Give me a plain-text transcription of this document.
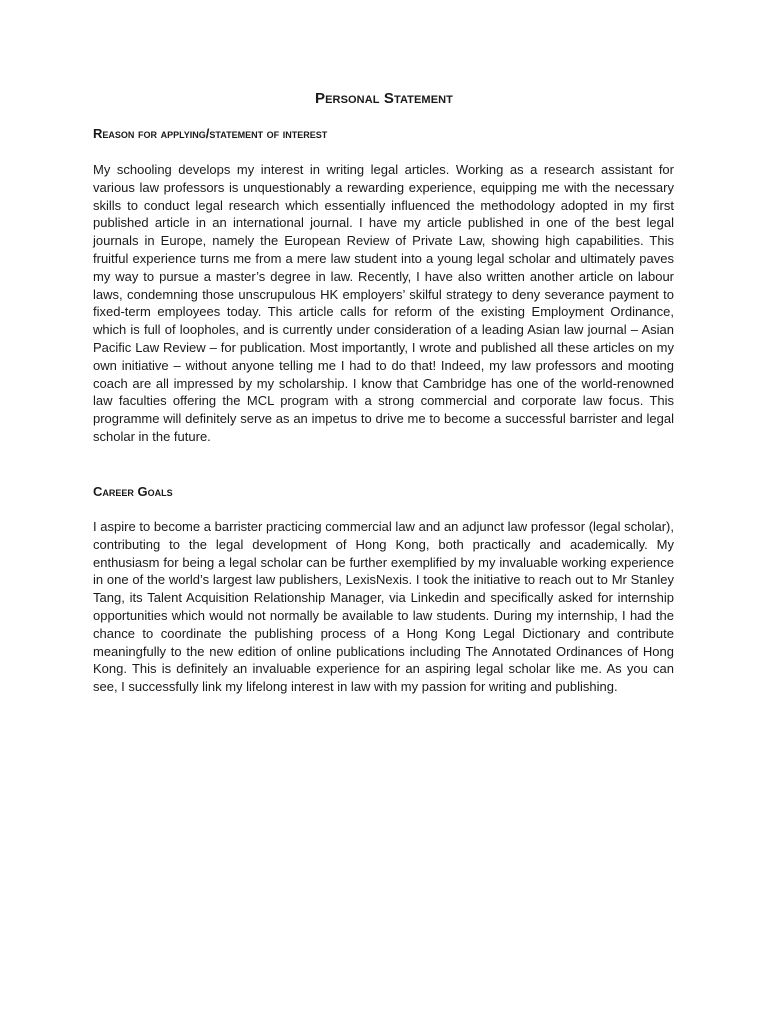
Personal Statement
Reason for applying/statement of interest

My schooling develops my interest in writing legal articles. Working as a research assistant for various law professors is unquestionably a rewarding experience, equipping me with the necessary skills to conduct legal research which essentially influenced the methodology adopted in my first published article in an international journal. I have my article published in one of the best legal journals in Europe, namely the European Review of Private Law, showing high capabilities. This fruitful experience turns me from a mere law student into a young legal scholar and ultimately paves my way to pursue a master’s degree in law. Recently, I have also written another article on labour laws, condemning those unscrupulous HK employers’ skilful strategy to deny severance payment to fixed-term employees today. This article calls for reform of the existing Employment Ordinance, which is full of loopholes, and is currently under consideration of a leading Asian law journal – Asian Pacific Law Review – for publication. Most importantly, I wrote and published all these articles on my own initiative – without anyone telling me I had to do that! Indeed, my law professors and mooting coach are all impressed by my scholarship. I know that Cambridge has one of the world-renowned law faculties offering the MCL program with a strong commercial and corporate law focus. This programme will definitely serve as an impetus to drive me to become a successful barrister and legal scholar in the future.

Career Goals

I aspire to become a barrister practicing commercial law and an adjunct law professor (legal scholar), contributing to the legal development of Hong Kong, both practically and academically. My enthusiasm for being a legal scholar can be further exemplified by my invaluable working experience in one of the world’s largest law publishers, LexisNexis. I took the initiative to reach out to Mr Stanley Tang, its Talent Acquisition Relationship Manager, via Linkedin and specifically asked for internship opportunities which would not normally be available to law students. During my internship, I had the chance to coordinate the publishing process of a Hong Kong Legal Dictionary and contribute meaningfully to the new edition of online publications including The Annotated Ordinances of Hong Kong. This is definitely an invaluable experience for an aspiring legal scholar like me. As you can see, I successfully link my lifelong interest in law with my passion for writing and publishing.
